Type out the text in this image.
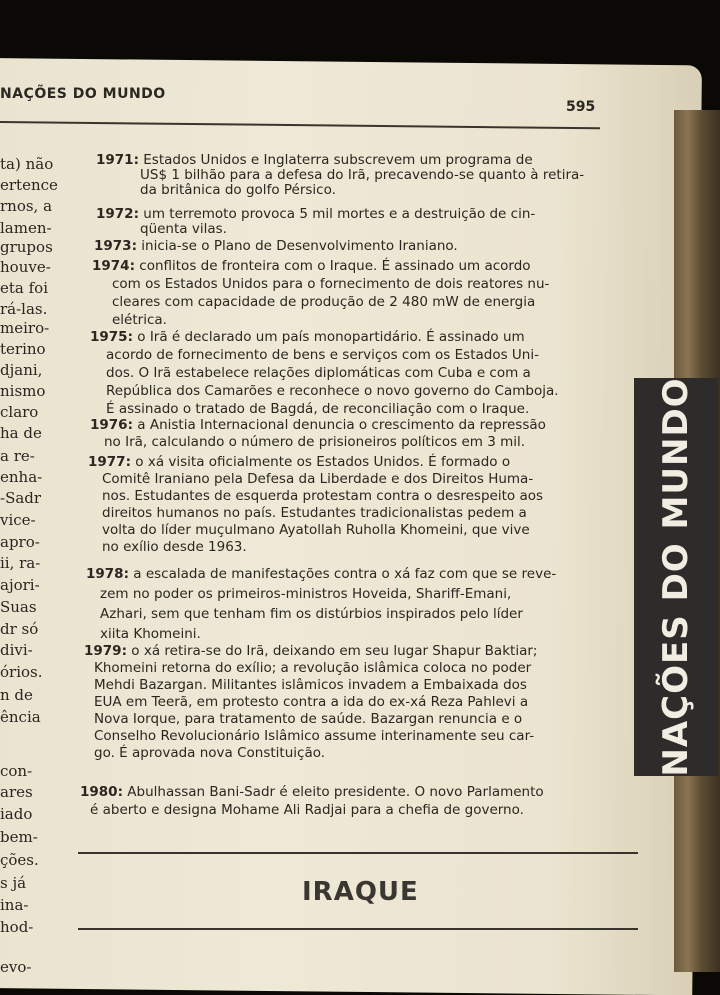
NAÇÕES DO MUNDO
595
ta) não
ertence
rnos, a
lamen-
grupos
houve-
eta foi
rá-las.
meiro-
terino
djani,
nismo
claro
ha de
a re-
enha-
-Sadr
vice-
apro-
ii, ra-
ajori-
Suas
dr só
divi-
órios.
n de
ência
con-
ares
iado
bem-
ções.
s já
ina-
hod-
evo-
1971: Estados Unidos e Inglaterra subscrevem um programa de
US$ 1 bilhão para a defesa do Irã, precavendo-se quanto à retira-
da britânica do golfo Pérsico.
1972: um terremoto provoca 5 mil mortes e a destruição de cin-
qüenta vilas.
1973: inicia-se o Plano de Desenvolvimento Iraniano.
1974: conflitos de fronteira com o Iraque. É assinado um acordo
com os Estados Unidos para o fornecimento de dois reatores nu-
cleares com capacidade de produção de 2 480 mW de energia
elétrica.
1975: o Irã é declarado um país monopartidário. É assinado um
acordo de fornecimento de bens e serviços com os Estados Uni-
dos. O Irã estabelece relações diplomáticas com Cuba e com a
República dos Camarões e reconhece o novo governo do Camboja.
É assinado o tratado de Bagdá, de reconciliação com o Iraque.
1976: a Anistia Internacional denuncia o crescimento da repressão
no Irã, calculando o número de prisioneiros políticos em 3 mil.
1977: o xá visita oficialmente os Estados Unidos. É formado o
Comitê Iraniano pela Defesa da Liberdade e dos Direitos Huma-
nos. Estudantes de esquerda protestam contra o desrespeito aos
direitos humanos no país. Estudantes tradicionalistas pedem a
volta do líder muçulmano Ayatollah Ruholla Khomeini, que vive
no exílio desde 1963.
1978: a escalada de manifestações contra o xá faz com que se reve-
zem no poder os primeiros-ministros Hoveida, Shariff-Emani,
Azhari, sem que tenham fim os distúrbios inspirados pelo líder
xiita Khomeini.
1979: o xá retira-se do Irã, deixando em seu lugar Shapur Baktiar;
Khomeini retorna do exílio; a revolução islâmica coloca no poder
Mehdi Bazargan. Militantes islâmicos invadem a Embaixada dos
EUA em Teerã, em protesto contra a ida do ex-xá Reza Pahlevi a
Nova Iorque, para tratamento de saúde. Bazargan renuncia e o
Conselho Revolucionário Islâmico assume interinamente seu car-
go. É aprovada nova Constituição.
1980: Abulhassan Bani-Sadr é eleito presidente. O novo Parlamento
é aberto e designa Mohame Ali Radjai para a chefia de governo.
NAÇÕES DO MUNDO
IRAQUE
